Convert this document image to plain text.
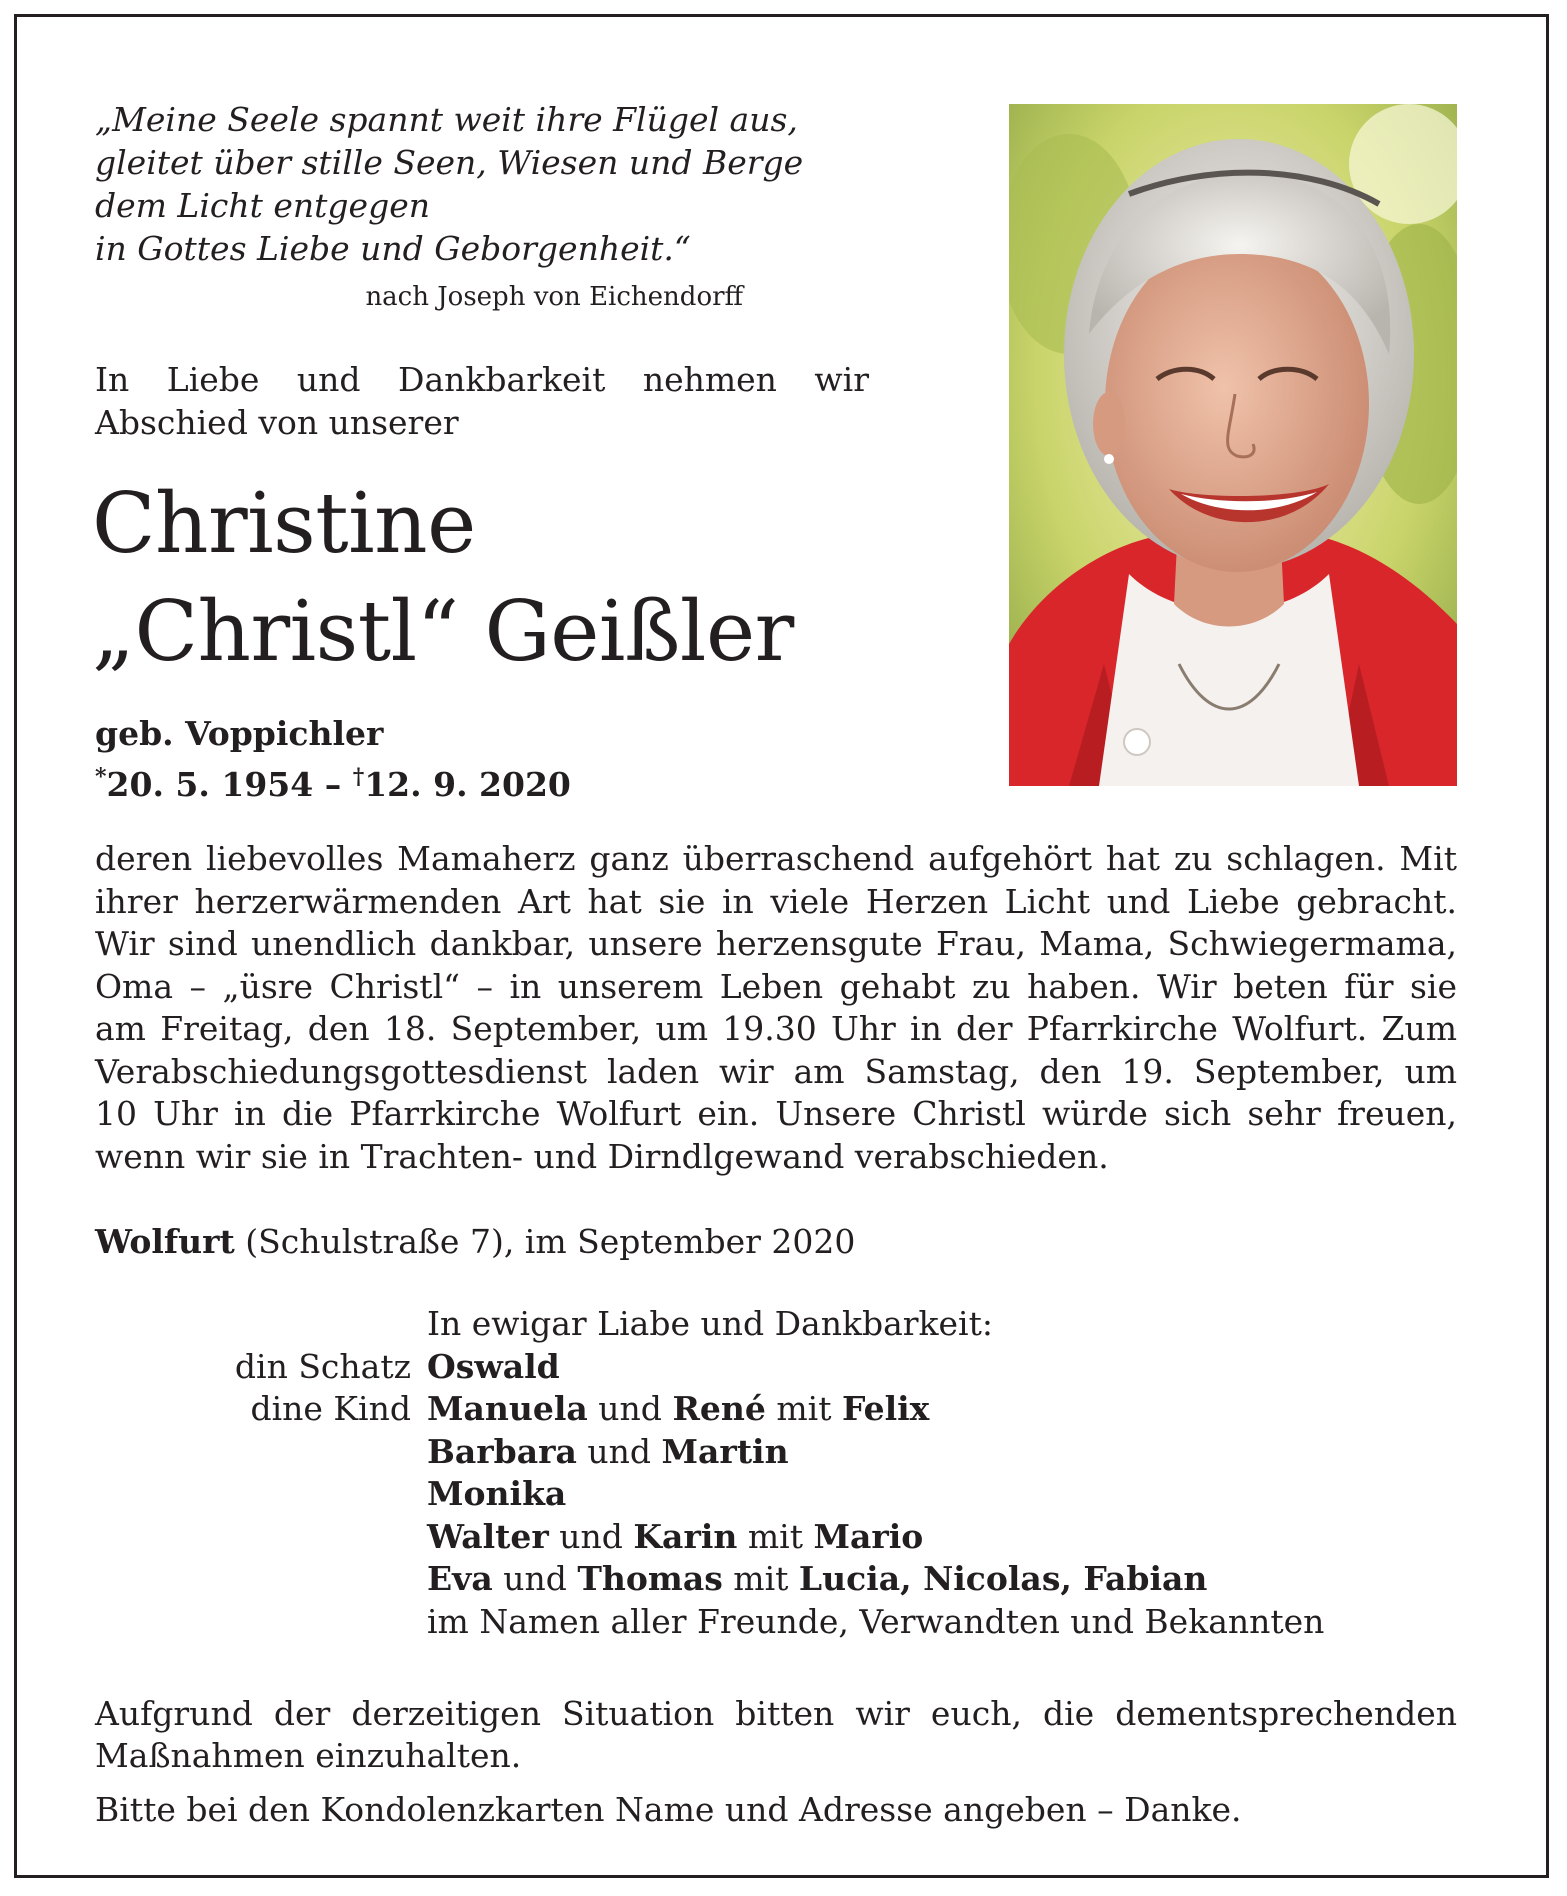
„Meine Seele spannt weit ihre Flügel aus,
gleitet über stille Seen, Wiesen und Berge
dem Licht entgegen
in Gottes Liebe und Geborgenheit.“
nach Joseph von Eichendorff
In Liebe und Dankbarkeit nehmen wir Abschied von unserer
Christine
„Christl“ Geißler
geb. Voppichler
*20. 5. 1954 – †12. 9. 2020
deren liebevolles Mamaherz ganz überraschend aufgehört hat zu schlagen. Mit
ihrer herzerwärmenden Art hat sie in viele Herzen Licht und Liebe gebracht.
Wir sind unendlich dankbar, unsere herzensgute Frau, Mama, Schwiegermama,
Oma – „üsre Christl“ – in unserem Leben gehabt zu haben. Wir beten für sie
am Freitag, den 18. September, um 19.30 Uhr in der Pfarrkirche Wolfurt. Zum
Verabschiedungsgottesdienst laden wir am Samstag, den 19. September, um
10 Uhr in die Pfarrkirche Wolfurt ein. Unsere Christl würde sich sehr freuen,
wenn wir sie in Trachten- und Dirndlgewand verabschieden.
Wolfurt (Schulstraße 7), im September 2020
In ewigar Liabe und Dankbarkeit:
din Schatz Oswald
dine Kind Manuela und René mit Felix
Barbara und Martin
Monika
Walter und Karin mit Mario
Eva und Thomas mit Lucia, Nicolas, Fabian
im Namen aller Freunde, Verwandten und Bekannten
Aufgrund der derzeitigen Situation bitten wir euch, die dementsprechenden
Maßnahmen einzuhalten.
Bitte bei den Kondolenzkarten Name und Adresse angeben – Danke.
